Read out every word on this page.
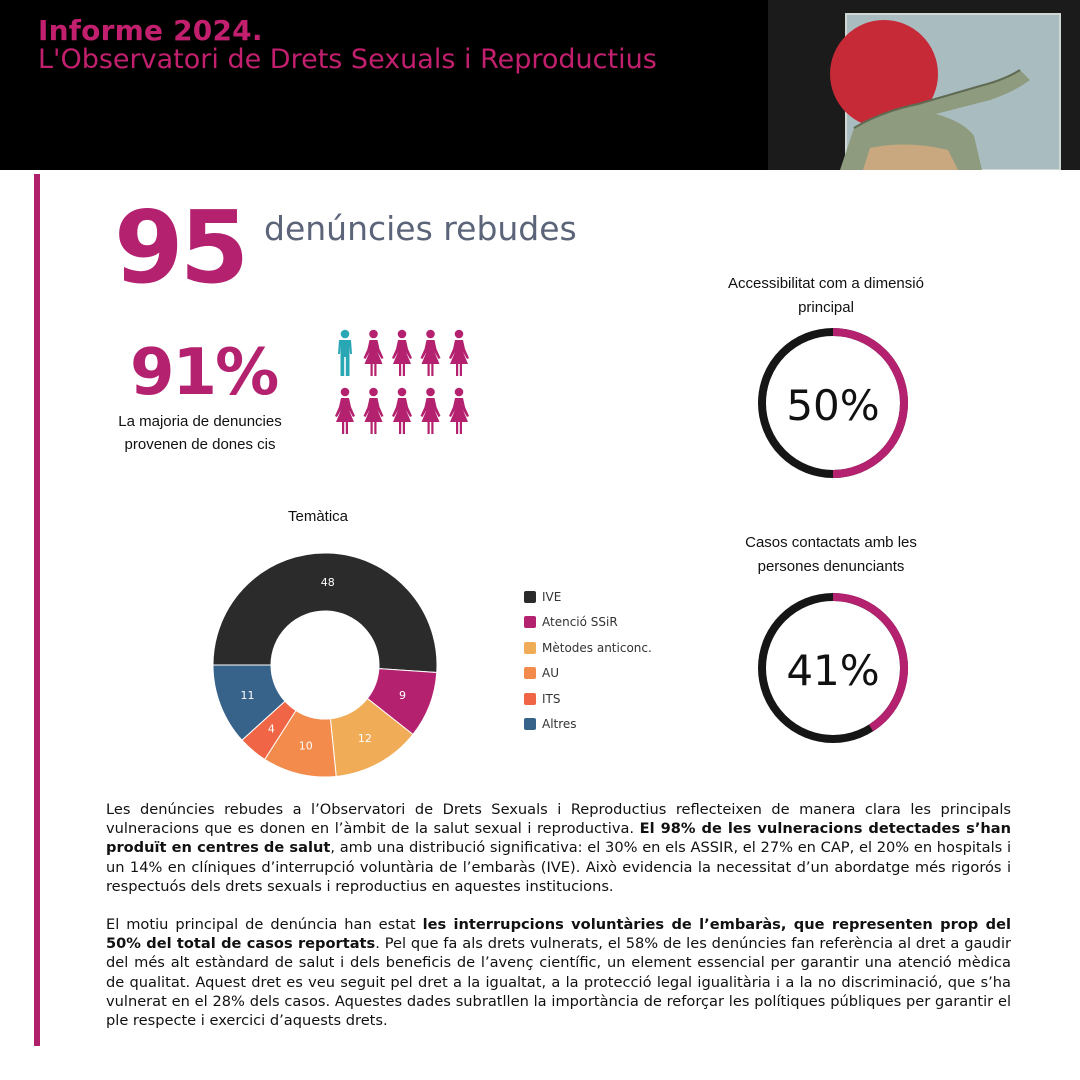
Informe 2024.
L'Observatori de Drets Sexuals i Reproductius
95 denúncies rebudes
91%
La majoria de denuncies provenen de dones cis
Accessibilitat com a dimensió principal
50%
Casos contactats amb les persones denunciants
41%
Temàtica
48
9
12
10
4
11
IVE
Atenció SSiR
Mètodes anticonc.
AU
ITS
Altres

Les denúncies rebudes a l’Observatori de Drets Sexuals i Reproductius reflecteixen de manera clara les principals vulneracions que es donen en l’àmbit de la salut sexual i reproductiva. El 98% de les vulneracions detectades s’han produït en centres de salut, amb una distribució significativa: el 30% en els ASSIR, el 27% en CAP, el 20% en hospitals i un 14% en clíniques d’interrupció voluntària de l’embaràs (IVE). Això evidencia la necessitat d’un abordatge més rigorós i respectuós dels drets sexuals i reproductius en aquestes institucions.

El motiu principal de denúncia han estat les interrupcions voluntàries de l’embaràs, que representen prop del 50% del total de casos reportats. Pel que fa als drets vulnerats, el 58% de les denúncies fan referència al dret a gaudir del més alt estàndard de salut i dels beneficis de l’avenç científic, un element essencial per garantir una atenció mèdica de qualitat. Aquest dret es veu seguit pel dret a la igualtat, a la protecció legal igualitària i a la no discriminació, que s’ha vulnerat en el 28% dels casos. Aquestes dades subratllen la importància de reforçar les polítiques públiques per garantir el ple respecte i exercici d’aquests drets.
